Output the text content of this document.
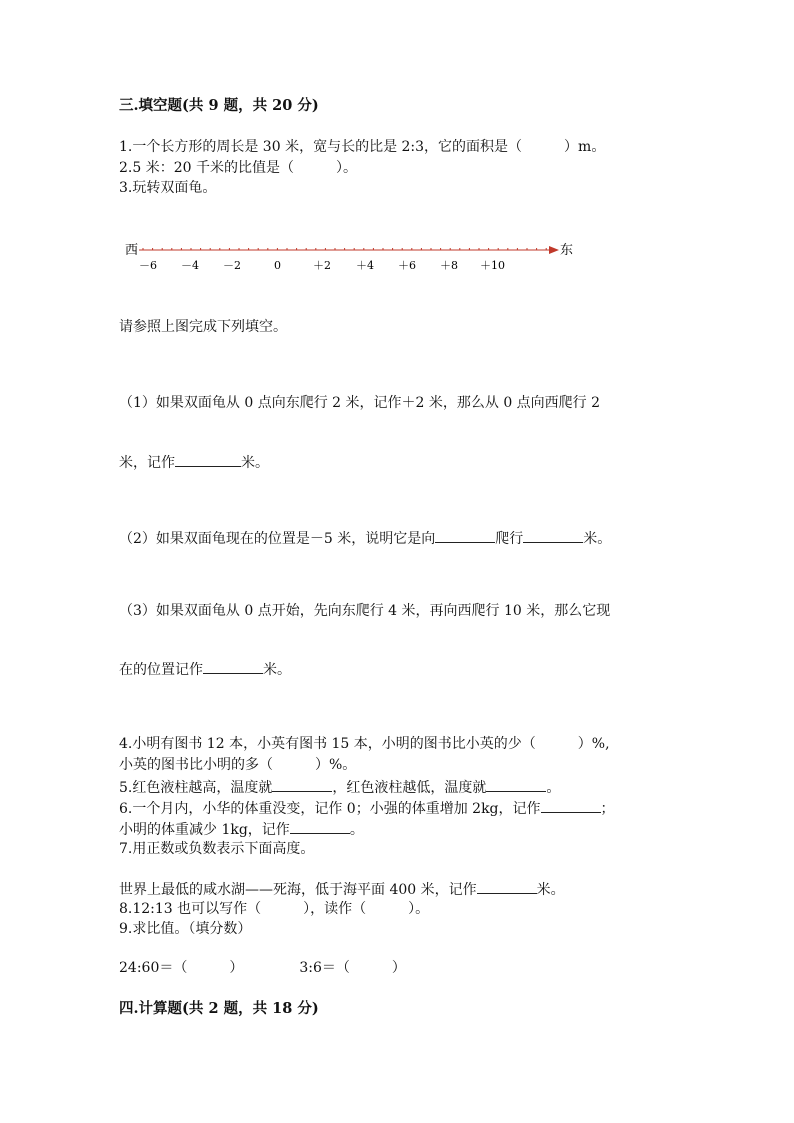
三.填空题(共 9 题，共 20 分)
1.一个长方形的周长是 30 米，宽与长的比是 2:3，它的面积是（　　　）m。
2.5 米：20 千米的比值是（　　　）。
3.玩转双面龟。
西	东
－6 －4 －2	0	＋2 ＋4 ＋6 ＋8 ＋10
请参照上图完成下列填空。
（1）如果双面龟从 0 点向东爬行 2 米，记作＋2 米，那么从 0 点向西爬行 2
米，记作	米。
（2）如果双面龟现在的位置是－5 米，说明它是向	爬行	米。
（3）如果双面龟从 0 点开始，先向东爬行 4 米，再向西爬行 10 米，那么它现
在的位置记作	米。
4.小明有图书 12 本，小英有图书 15 本，小明的图书比小英的少（　　　）%,
小英的图书比小明的多（　　　）%。
5.红色液柱越高，温度就	，红色液柱越低，温度就	。
6.一个月内，小华的体重没变，记作 0；小强的体重增加 2kg，记作	；
小明的体重减少 1kg，记作	。
7.用正数或负数表示下面高度。
世界上最低的咸水湖——死海，低于海平面 400 米，记作	米。
8.12:13 也可以写作（　　　），读作（　　　）。
9.求比值。（填分数）
24:60＝（　　　）	3:6＝（　　　）
四.计算题(共 2 题，共 18 分)
